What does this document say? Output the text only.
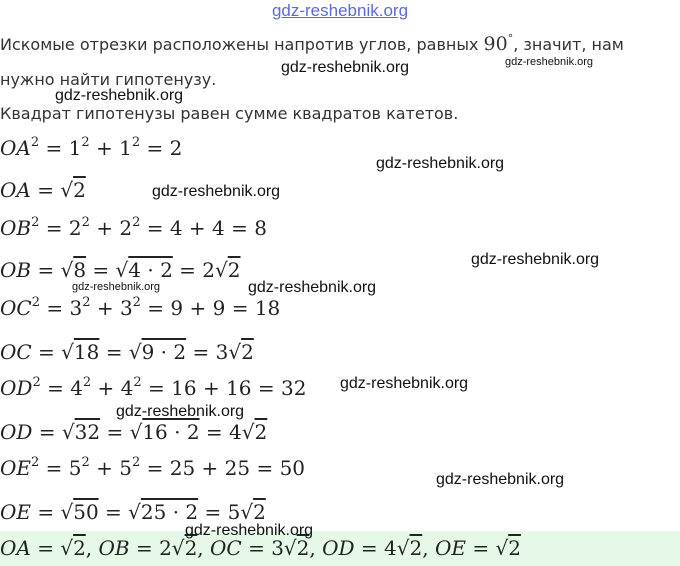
gdz-reshebnik.org
Искомые отрезки расположены напротив углов, равных 90°, значит, нам
нужно найти гипотенузу.
Квадрат гипотенузы равен сумме квадратов катетов.
$OA^2 = 1^2 + 1^2 = 2$
OA = √2
$OB^2 = 2^2 + 2^2 = 4 + 4 = 8$
OB = √8 = √4 · 2 = 2√2
$OC^2 = 3^2 + 3^2 = 9 + 9 = 18$
OC = √18 = √9 · 2 = 3√2
$OD^2 = 4^2 + 4^2 = 16 + 16 = 32$
OD = √32 = √16 · 2 = 4√2
$OE^2 = 5^2 + 5^2 = 25 + 25 = 50$
OE = √50 = √25 · 2 = 5√2
OA = √2, OB = 2√2, OC = 3√2, OD = 4√2, OE = √2
gdz-reshebnik.org	gdz-reshebnik.org
gdz-reshebnik.org
gdz-reshebnik.org
gdz-reshebnik.org
gdz-reshebnik.org
gdz-reshebnik.org	gdz-reshebnik.org
gdz-reshebnik.org
gdz-reshebnik.org
gdz-reshebnik.org
gdz-reshebnik.org
